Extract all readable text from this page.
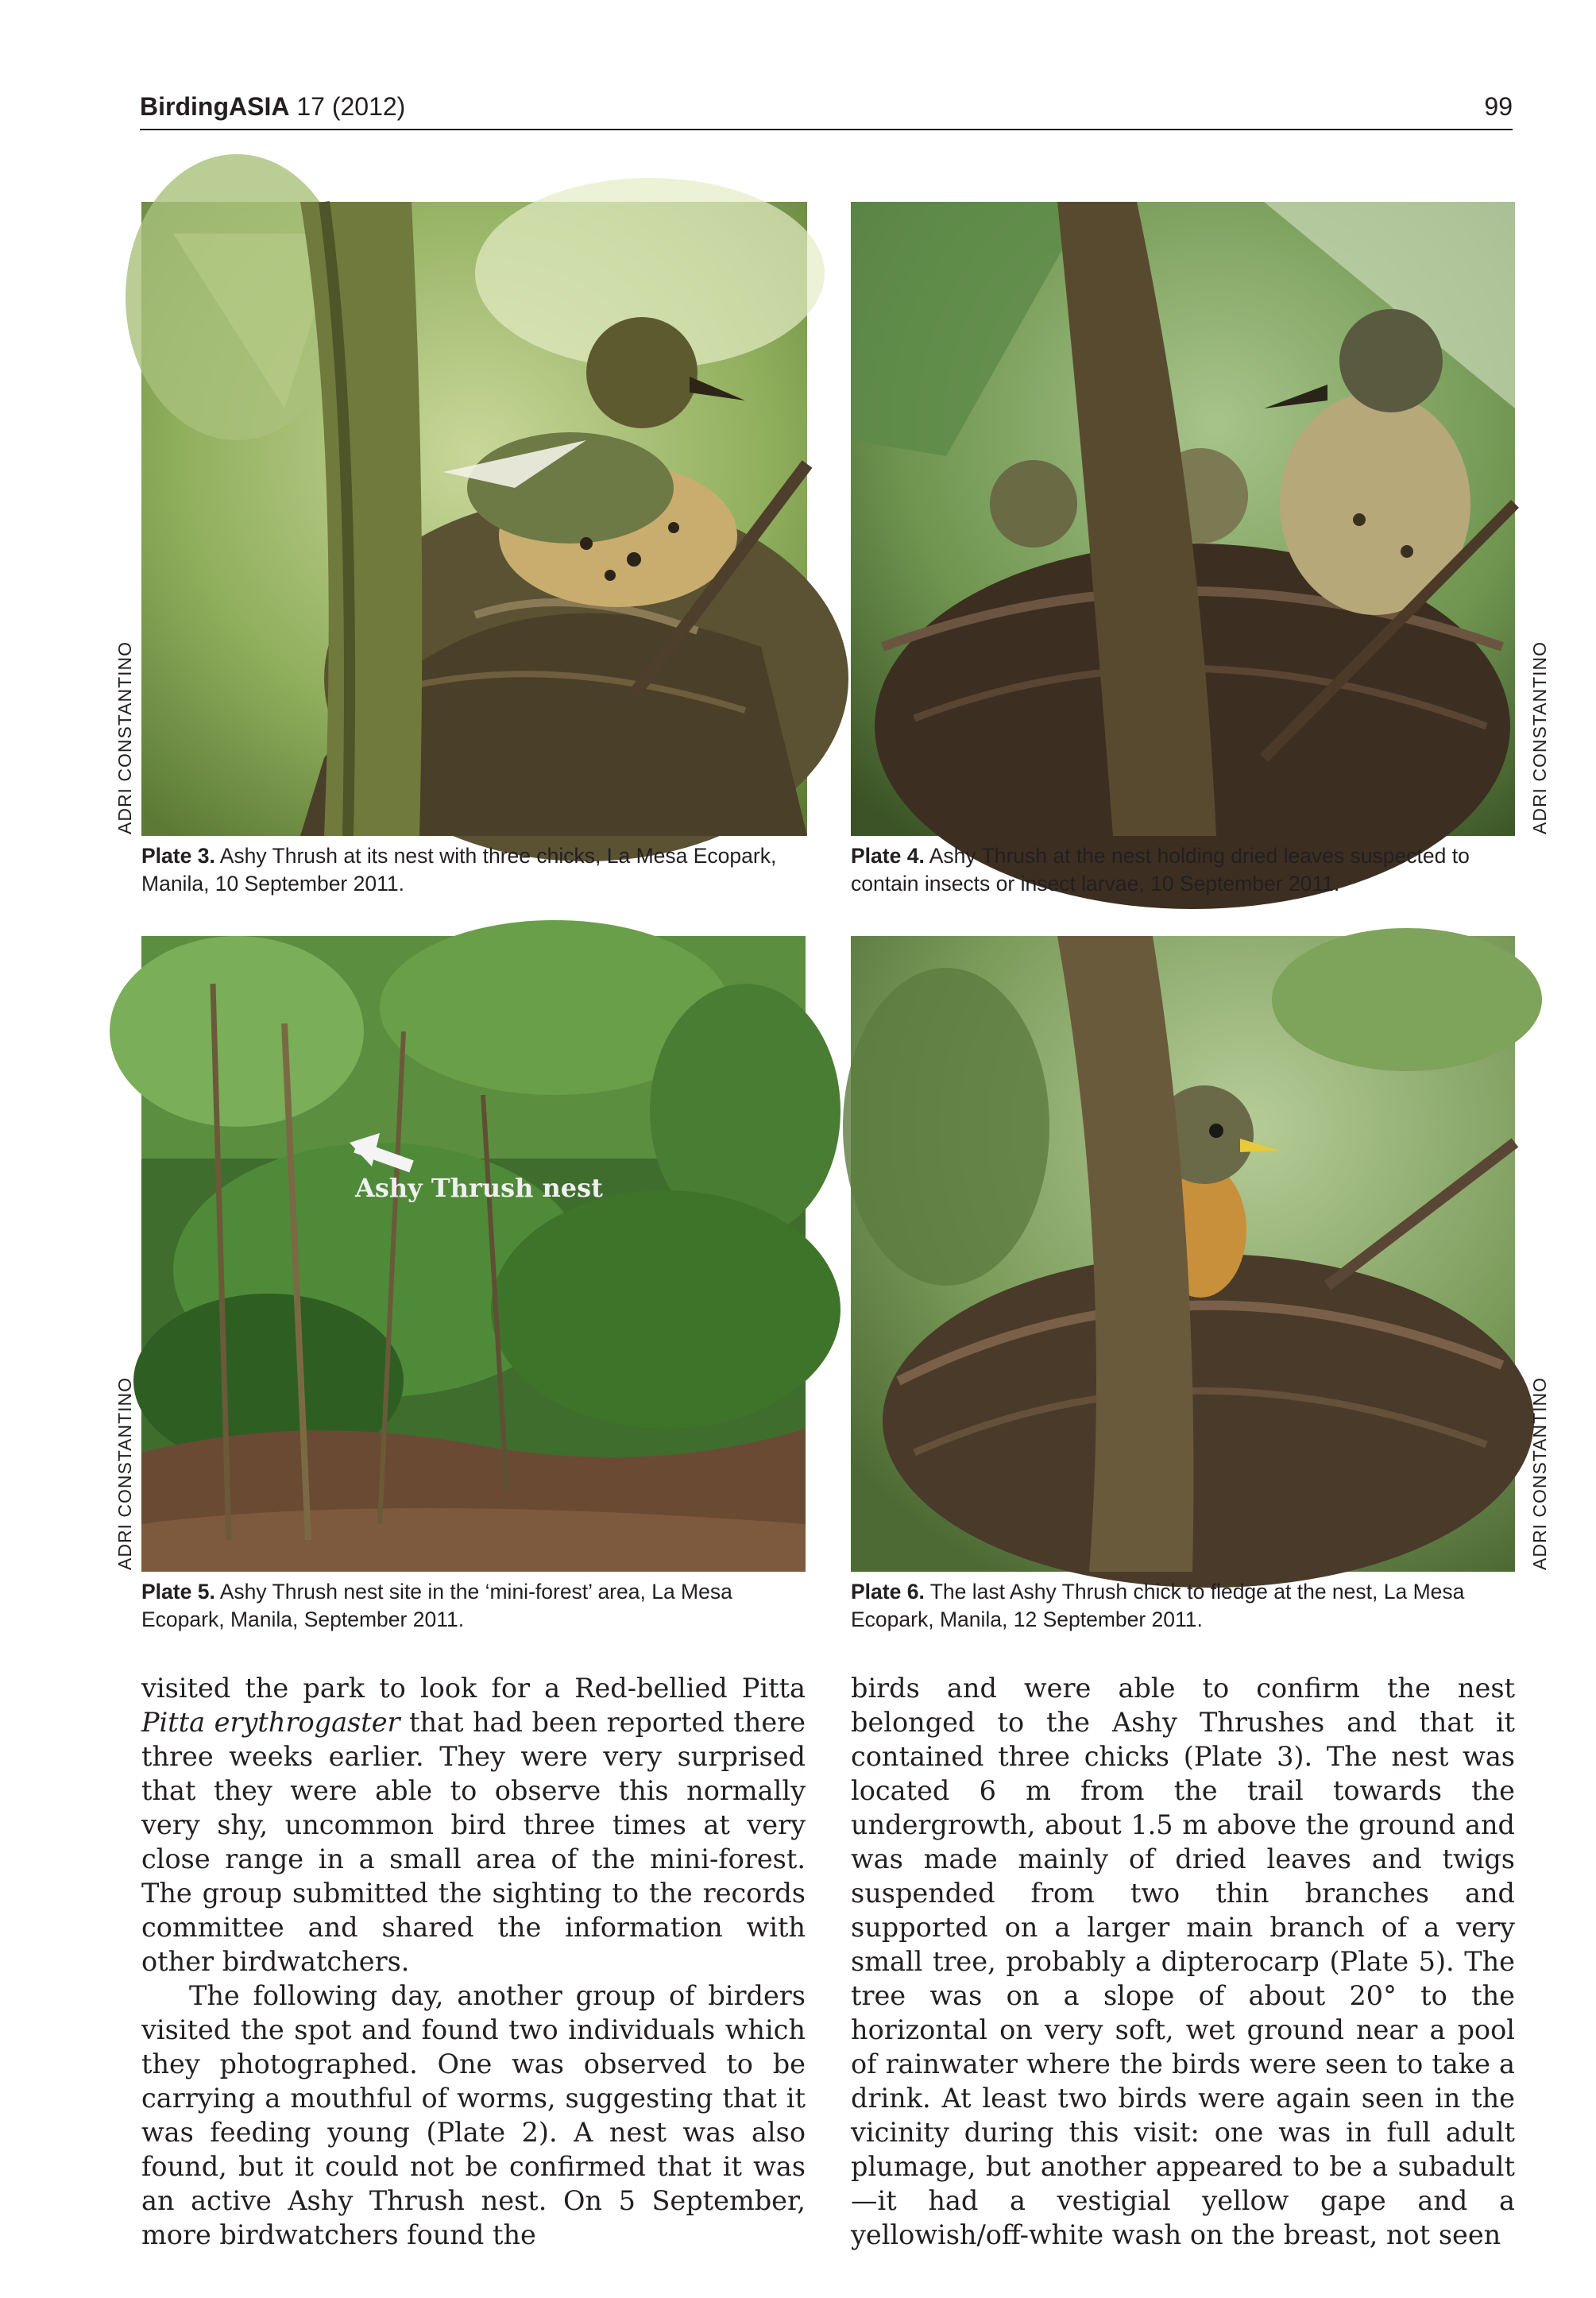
BirdingASIA 17 (2012)	99
Ashy Thrush nest
ADRI CONSTANTINO	ADRI CONSTANTINO
ADRI CONSTANTINO	ADRI CONSTANTINO
Plate 3. Ashy Thrush at its nest with three chicks, La Mesa Ecopark, Manila, 10 September 2011.
Plate 4. Ashy Thrush at the nest holding dried leaves suspected to contain insects or insect larvae, 10 September 2011.
Plate 5. Ashy Thrush nest site in the ‘mini-forest’ area, La Mesa Ecopark, Manila, September 2011.
Plate 6. The last Ashy Thrush chick to fledge at the nest, La Mesa Ecopark, Manila, 12 September 2011.

visited the park to look for a Red-bellied Pitta Pitta erythrogaster that had been reported there three weeks earlier. They were very surprised that they were able to observe this normally very shy, uncommon bird three times at very close range in a small area of the mini-forest. The group submitted the sighting to the records committee and shared the information with other birdwatchers.

The following day, another group of birders visited the spot and found two individuals which they photographed. One was observed to be carrying a mouthful of worms, suggesting that it was feeding young (Plate 2). A nest was also found, but it could not be confirmed that it was an active Ashy Thrush nest. On 5 September, more birdwatchers found the

birds and were able to confirm the nest belonged to the Ashy Thrushes and that it contained three chicks (Plate 3). The nest was located 6 m from the trail towards the undergrowth, about 1.5 m above the ground and was made mainly of dried leaves and twigs suspended from two thin branches and supported on a larger main branch of a very small tree, probably a dipterocarp (Plate 5). The tree was on a slope of about 20° to the horizontal on very soft, wet ground near a pool of rainwater where the birds were seen to take a drink. At least two birds were again seen in the vicinity during this visit: one was in full adult plumage, but another appeared to be a subadult—it had a vestigial yellow gape and a yellowish/off-white wash on the breast, not seen
